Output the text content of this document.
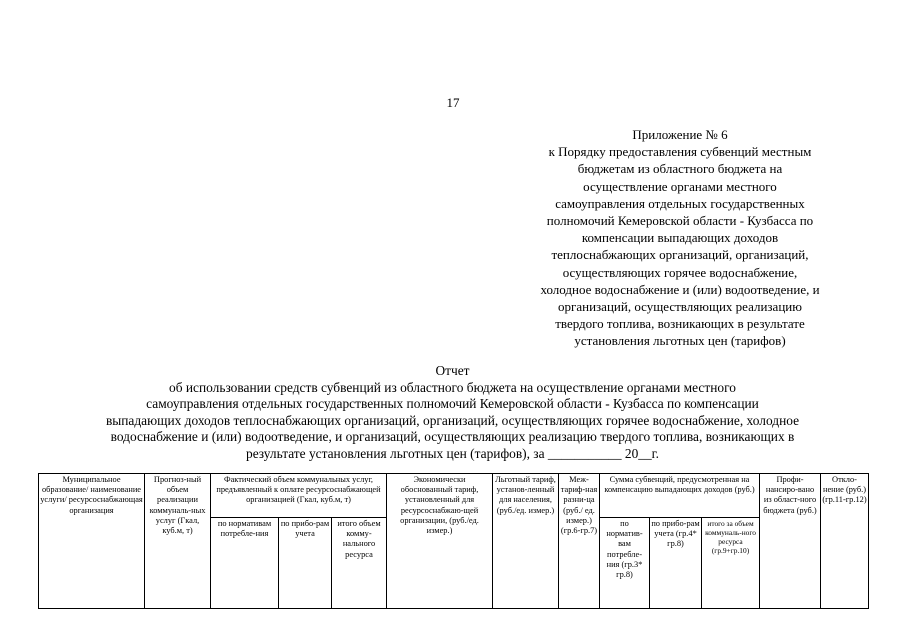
17
Приложение № 6
к Порядку предоставления субвенций местным
бюджетам из областного бюджета на
осуществление органами местного
самоуправления отдельных государственных
полномочий Кемеровской области - Кузбасса по
компенсации выпадающих доходов
теплоснабжающих организаций, организаций,
осуществляющих горячее водоснабжение,
холодное водоснабжение и (или) водоотведение, и
организаций, осуществляющих реализацию
твердого топлива, возникающих в результате
установления льготных цен (тарифов)
Отчет
об использовании средств субвенций из областного бюджета на осуществление органами местного
самоуправления отдельных государственных полномочий Кемеровской области - Кузбасса по компенсации
выпадающих доходов теплоснабжающих организаций, организаций, осуществляющих горячее водоснабжение, холодное
водоснабжение и (или) водоотведение, и организаций, осуществляющих реализацию твердого топлива, возникающих в
результате установления льготных цен (тарифов), за ___________ 20__г.
Муниципальное образование/ наименование услуги/ ресурсоснабжающая организация	Прогноз-ный объем реализации коммуналь-ных услуг (Гкал, куб.м, т)	Фактический объем коммунальных услуг, предъявленный к оплате ресурсоснабжающей организацией (Гкал, куб.м, т)			Экономически обоснованный тариф, установленный для ресурсоснабжаю-щей организации, (руб./ед. измер.)	Льготный тариф, установ-ленный для населения, (руб./ед. измер.)	Меж-тариф-ная разни-ца (руб./ ед. измер.) (гр.6-гр.7)	Сумма субвенций, предусмотренная на компенсацию выпадающих доходов (руб.)			Профи-нансиро-вано из област-ного бюджета (руб.)	Откло-нение (руб.) (гр.11-гр.12)
		по нормативам потребле-ния	по прибо-рам учета	итого объем комму-нального ресурса				по норматив-вам потребле-ния (гр.3* гр.8)	по прибо-рам учета (гр.4* гр.8)	итого за объем коммуналь-ного ресурса (гр.9+гр.10)		
